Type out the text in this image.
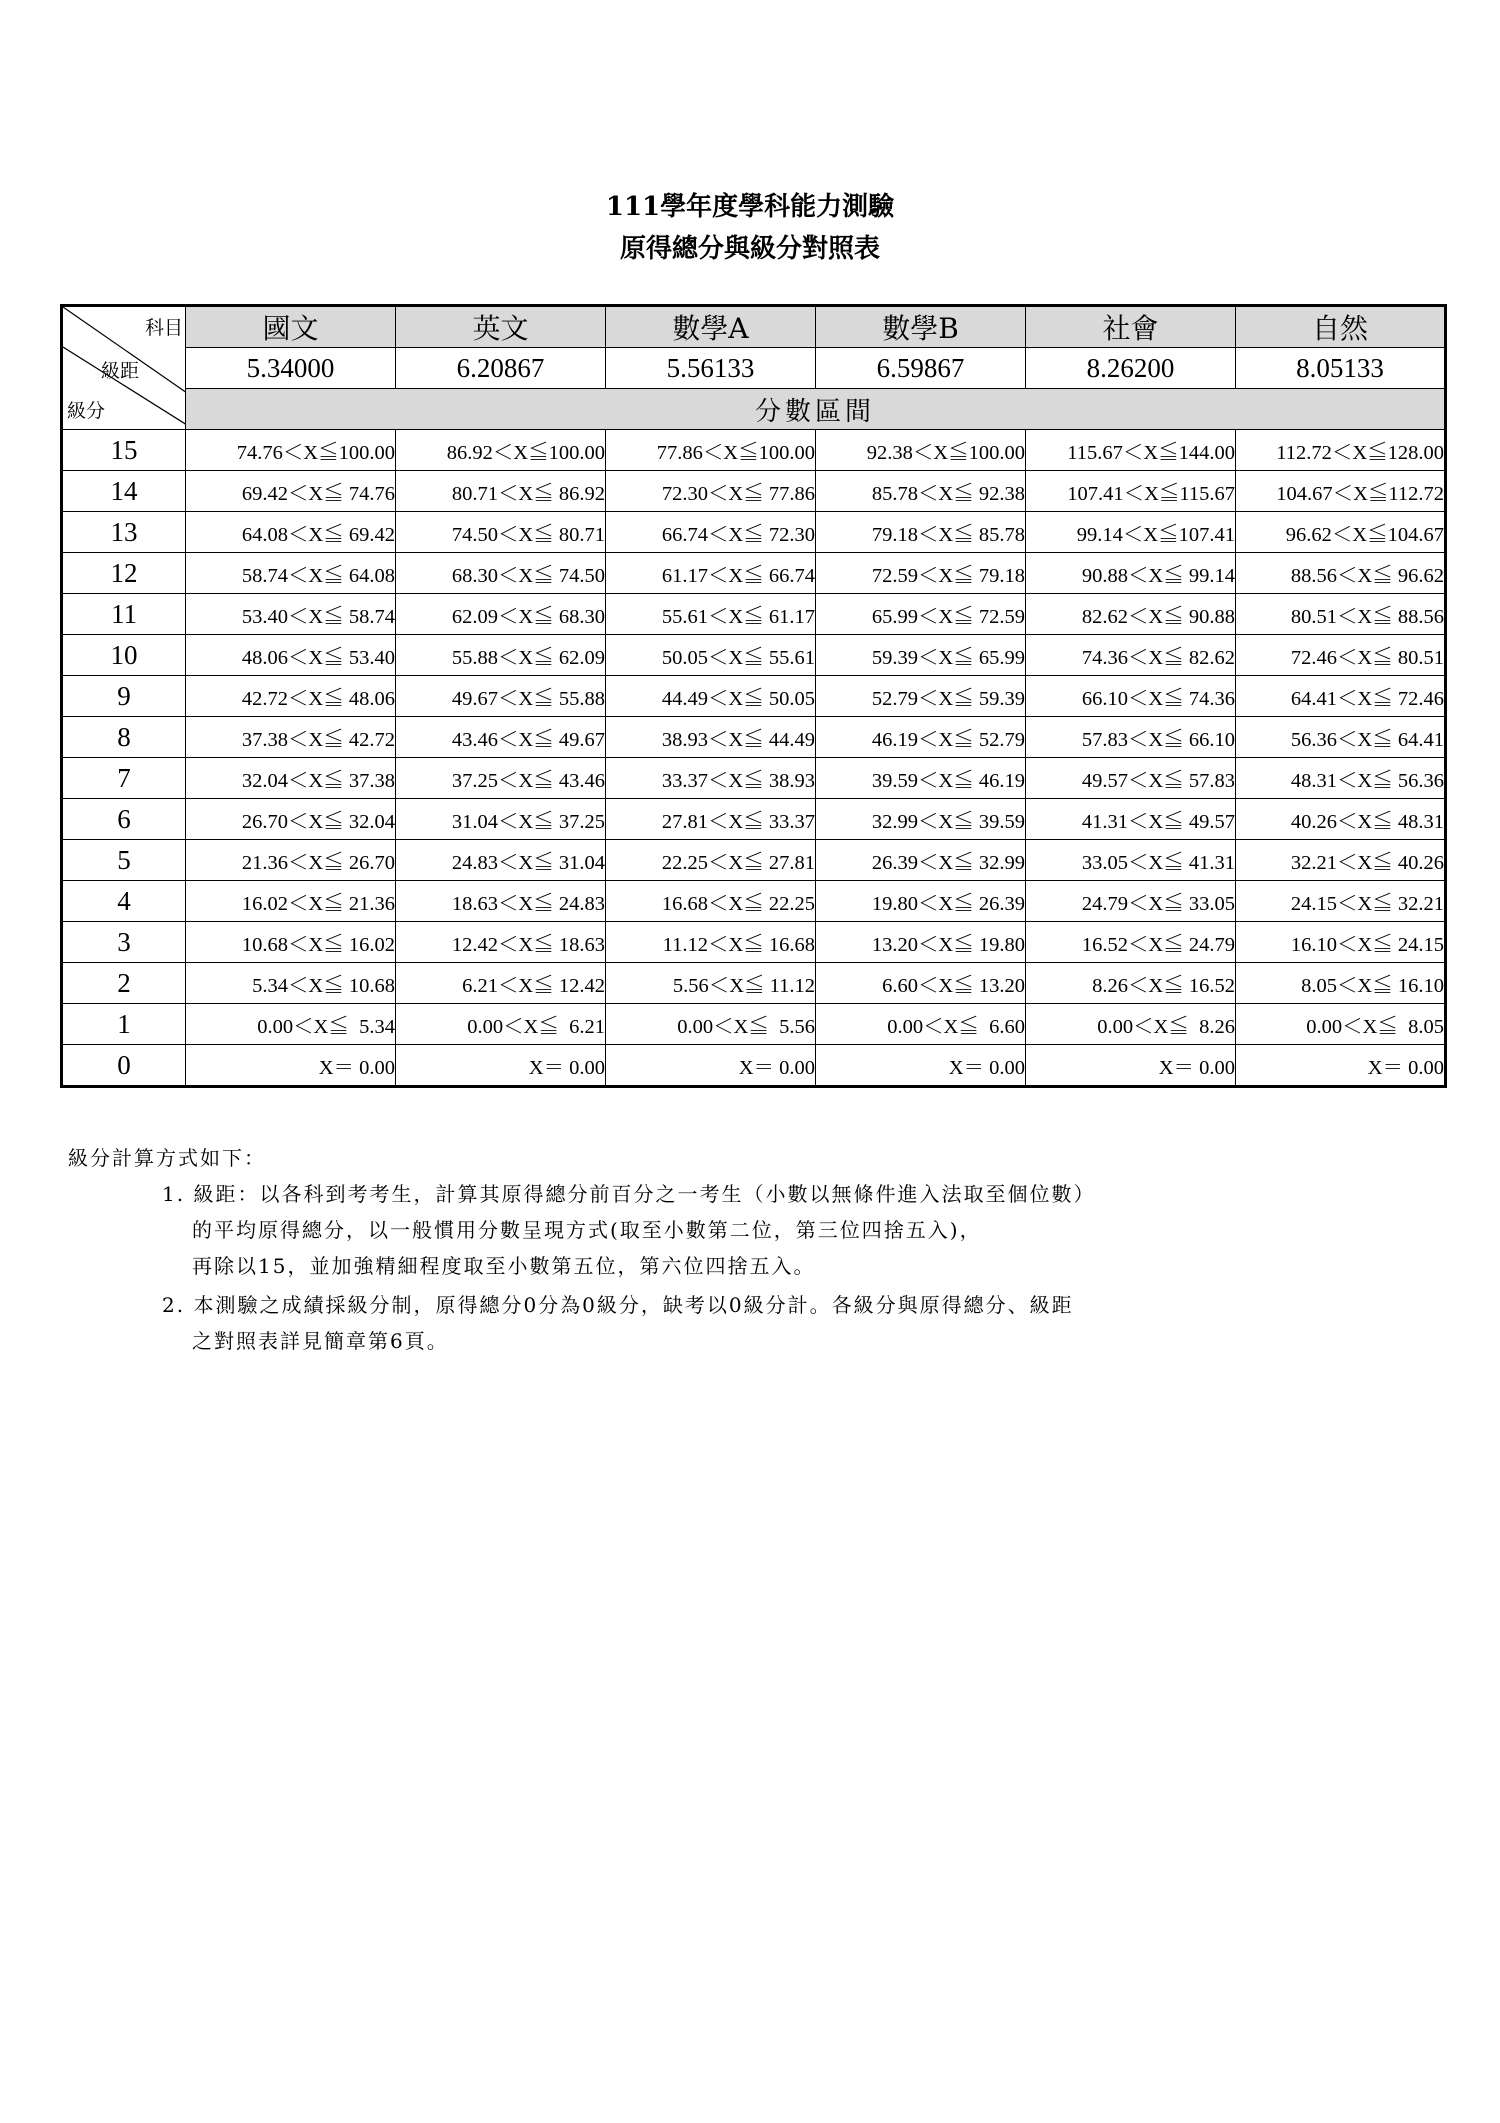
111學年度學科能力測驗
原得總分與級分對照表
科目
級距
級分	國文	英文	數學A	數學B	社會	自然
	5.34000	6.20867	5.56133	6.59867	8.26200	8.05133
	分數區間					
15	74.76＜X≦100.00	86.92＜X≦100.00	77.86＜X≦100.00	92.38＜X≦100.00	115.67＜X≦144.00	112.72＜X≦128.00
14	69.42＜X≦ 74.76	80.71＜X≦ 86.92	72.30＜X≦ 77.86	85.78＜X≦ 92.38	107.41＜X≦115.67	104.67＜X≦112.72
13	64.08＜X≦ 69.42	74.50＜X≦ 80.71	66.74＜X≦ 72.30	79.18＜X≦ 85.78	99.14＜X≦107.41	96.62＜X≦104.67
12	58.74＜X≦ 64.08	68.30＜X≦ 74.50	61.17＜X≦ 66.74	72.59＜X≦ 79.18	90.88＜X≦ 99.14	88.56＜X≦ 96.62
11	53.40＜X≦ 58.74	62.09＜X≦ 68.30	55.61＜X≦ 61.17	65.99＜X≦ 72.59	82.62＜X≦ 90.88	80.51＜X≦ 88.56
10	48.06＜X≦ 53.40	55.88＜X≦ 62.09	50.05＜X≦ 55.61	59.39＜X≦ 65.99	74.36＜X≦ 82.62	72.46＜X≦ 80.51
9	42.72＜X≦ 48.06	49.67＜X≦ 55.88	44.49＜X≦ 50.05	52.79＜X≦ 59.39	66.10＜X≦ 74.36	64.41＜X≦ 72.46
8	37.38＜X≦ 42.72	43.46＜X≦ 49.67	38.93＜X≦ 44.49	46.19＜X≦ 52.79	57.83＜X≦ 66.10	56.36＜X≦ 64.41
7	32.04＜X≦ 37.38	37.25＜X≦ 43.46	33.37＜X≦ 38.93	39.59＜X≦ 46.19	49.57＜X≦ 57.83	48.31＜X≦ 56.36
6	26.70＜X≦ 32.04	31.04＜X≦ 37.25	27.81＜X≦ 33.37	32.99＜X≦ 39.59	41.31＜X≦ 49.57	40.26＜X≦ 48.31
5	21.36＜X≦ 26.70	24.83＜X≦ 31.04	22.25＜X≦ 27.81	26.39＜X≦ 32.99	33.05＜X≦ 41.31	32.21＜X≦ 40.26
4	16.02＜X≦ 21.36	18.63＜X≦ 24.83	16.68＜X≦ 22.25	19.80＜X≦ 26.39	24.79＜X≦ 33.05	24.15＜X≦ 32.21
3	10.68＜X≦ 16.02	12.42＜X≦ 18.63	11.12＜X≦ 16.68	13.20＜X≦ 19.80	16.52＜X≦ 24.79	16.10＜X≦ 24.15
2	5.34＜X≦ 10.68	6.21＜X≦ 12.42	5.56＜X≦ 11.12	6.60＜X≦ 13.20	8.26＜X≦ 16.52	8.05＜X≦ 16.10
1	0.00＜X≦  5.34	0.00＜X≦  6.21	0.00＜X≦  5.56	0.00＜X≦  6.60	0.00＜X≦  8.26	0.00＜X≦  8.05
0	X＝ 0.00	X＝ 0.00	X＝ 0.00	X＝ 0.00	X＝ 0.00	X＝ 0.00
級分計算方式如下：
1. 級距：以各科到考考生，計算其原得總分前百分之一考生（小數以無條件進入法取至個位數）
的平均原得總分，以一般慣用分數呈現方式(取至小數第二位，第三位四捨五入)，
再除以15，並加強精細程度取至小數第五位，第六位四捨五入。
2. 本測驗之成績採級分制，原得總分0分為0級分，缺考以0級分計。各級分與原得總分、級距
之對照表詳見簡章第6頁。
